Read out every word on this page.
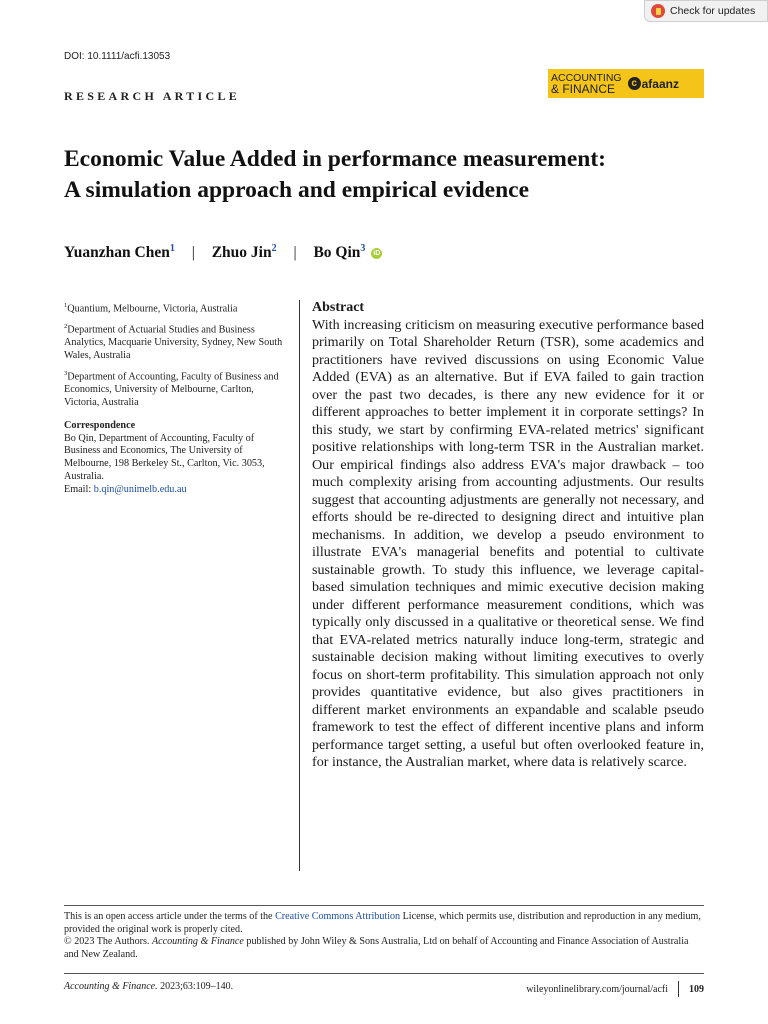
Check for updates
DOI: 10.1111/acfi.13053
ACCOUNTING
& FINANCE	c afaanz
RESEARCH ARTICLE
Economic Value Added in performance measurement:
A simulation approach and empirical evidence
Yuanzhan Chen$^1$ | Zhuo Jin$^2$ | Bo Qin$^3$ iD

$^1$Quantium, Melbourne, Victoria, Australia

$^2$Department of Actuarial Studies and Business Analytics, Macquarie University, Sydney, New South Wales, Australia

$^3$Department of Accounting, Faculty of Business and Economics, University of Melbourne, Carlton, Victoria, Australia

Correspondence
Bo Qin, Department of Accounting, Faculty of Business and Economics, The University of Melbourne, 198 Berkeley St., Carlton, Vic. 3053, Australia.
Email: b.qin@unimelb.edu.au
Abstract

With increasing criticism on measuring executive performance based primarily on Total Shareholder Return (TSR), some academics and practitioners have revived discussions on using Economic Value Added (EVA) as an alternative. But if EVA failed to gain traction over the past two decades, is there any new evidence for it or different approaches to better implement it in corporate settings? In this study, we start by confirming EVA-related metrics' significant positive relationships with long-term TSR in the Australian market. Our empirical findings also address EVA's major drawback – too much complexity arising from accounting adjustments. Our results suggest that accounting adjustments are generally not necessary, and efforts should be re-directed to designing direct and intuitive plan mechanisms. In addition, we develop a pseudo environment to illustrate EVA's managerial benefits and potential to cultivate sustainable growth. To study this influence, we leverage capital-based simulation techniques and mimic executive decision making under different performance measurement conditions, which was typically only discussed in a qualitative or theoretical sense. We find that EVA-related metrics naturally induce long-term, strategic and sustainable decision making without limiting executives to overly focus on short-term profitability. This simulation approach not only provides quantitative evidence, but also gives practitioners in different market environments an expandable and scalable pseudo framework to test the effect of different incentive plans and inform performance target setting, a useful but often overlooked feature in, for instance, the Australian market, where data is relatively scarce.

This is an open access article under the terms of the Creative Commons Attribution License, which permits use, distribution and reproduction in any medium, provided the original work is properly cited.

© 2023 The Authors. Accounting & Finance published by John Wiley & Sons Australia, Ltd on behalf of Accounting and Finance Association of Australia and New Zealand.

Accounting & Finance. 2023;63:109–140.	wileyonlinelibrary.com/journal/acfi 109
